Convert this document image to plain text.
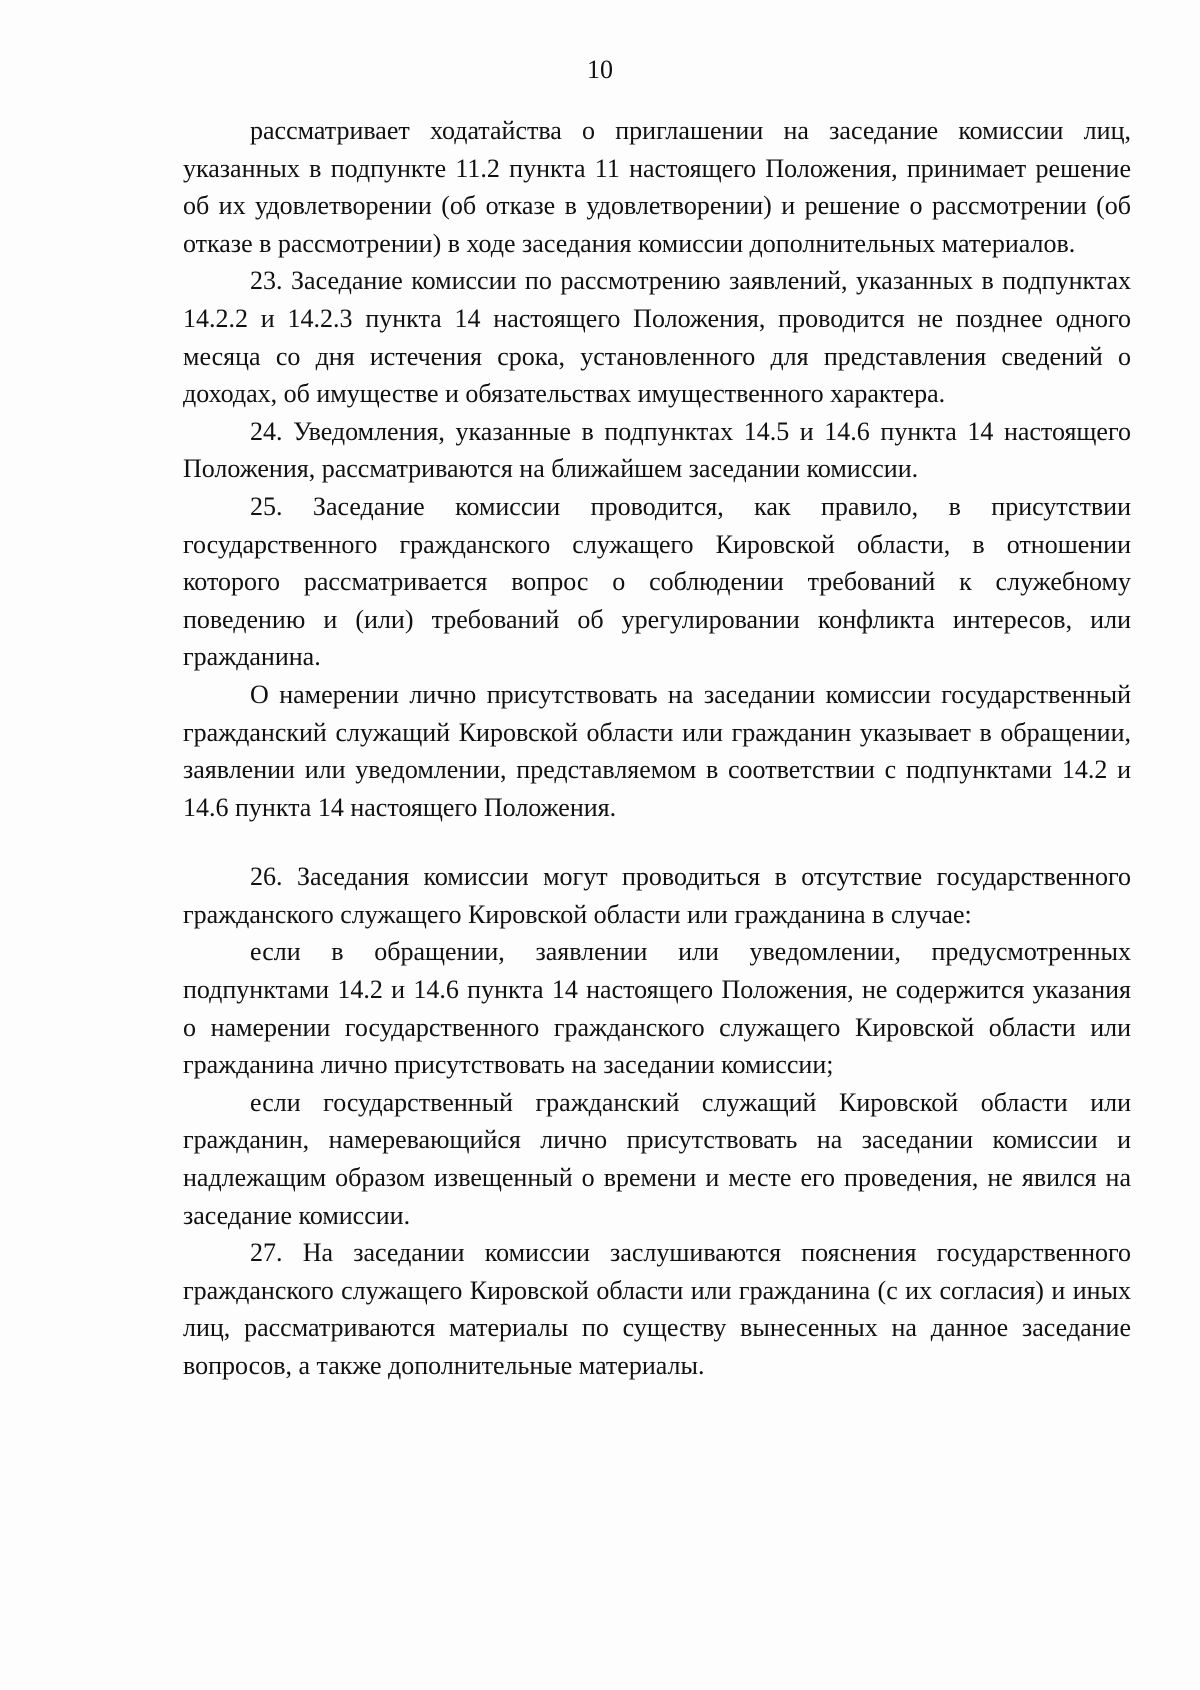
10

рассматривает ходатайства о приглашении на заседание комиссии лиц, указанных в подпункте 11.2 пункта 11 настоящего Положения, принимает решение об их удовлетворении (об отказе в удовлетворении) и решение о рассмотрении (об отказе в рассмотрении) в ходе заседания комиссии дополнительных материалов.

23. Заседание комиссии по рассмотрению заявлений, указанных в подпунктах 14.2.2 и 14.2.3 пункта 14 настоящего Положения, проводится не позднее одного месяца со дня истечения срока, установленного для представления сведений о доходах, об имуществе и обязательствах имущественного характера.

24. Уведомления, указанные в подпунктах 14.5 и 14.6 пункта 14 настоящего Положения, рассматриваются на ближайшем заседании комиссии.

25. Заседание комиссии проводится, как правило, в присутствии государственного гражданского служащего Кировской области, в отношении которого рассматривается вопрос о соблюдении требований к служебному поведению и (или) требований об урегулировании конфликта интересов, или гражданина.

О намерении лично присутствовать на заседании комиссии государственный гражданский служащий Кировской области или гражданин указывает в обращении, заявлении или уведомлении, представляемом в соответствии с подпунктами 14.2 и 14.6 пункта 14 настоящего Положения.

26. Заседания комиссии могут проводиться в отсутствие государственного гражданского служащего Кировской области или гражданина в случае:

если в обращении, заявлении или уведомлении, предусмотренных подпунктами 14.2 и 14.6 пункта 14 настоящего Положения, не содержится указания о намерении государственного гражданского служащего Кировской области или гражданина лично присутствовать на заседании комиссии;

если государственный гражданский служащий Кировской области или гражданин, намеревающийся лично присутствовать на заседании комиссии и надлежащим образом извещенный о времени и месте его проведения, не явился на заседание комиссии.

27. На заседании комиссии заслушиваются пояснения государственного гражданского служащего Кировской области или гражданина (с их согласия) и иных лиц, рассматриваются материалы по существу вынесенных на данное заседание вопросов, а также дополнительные материалы.
